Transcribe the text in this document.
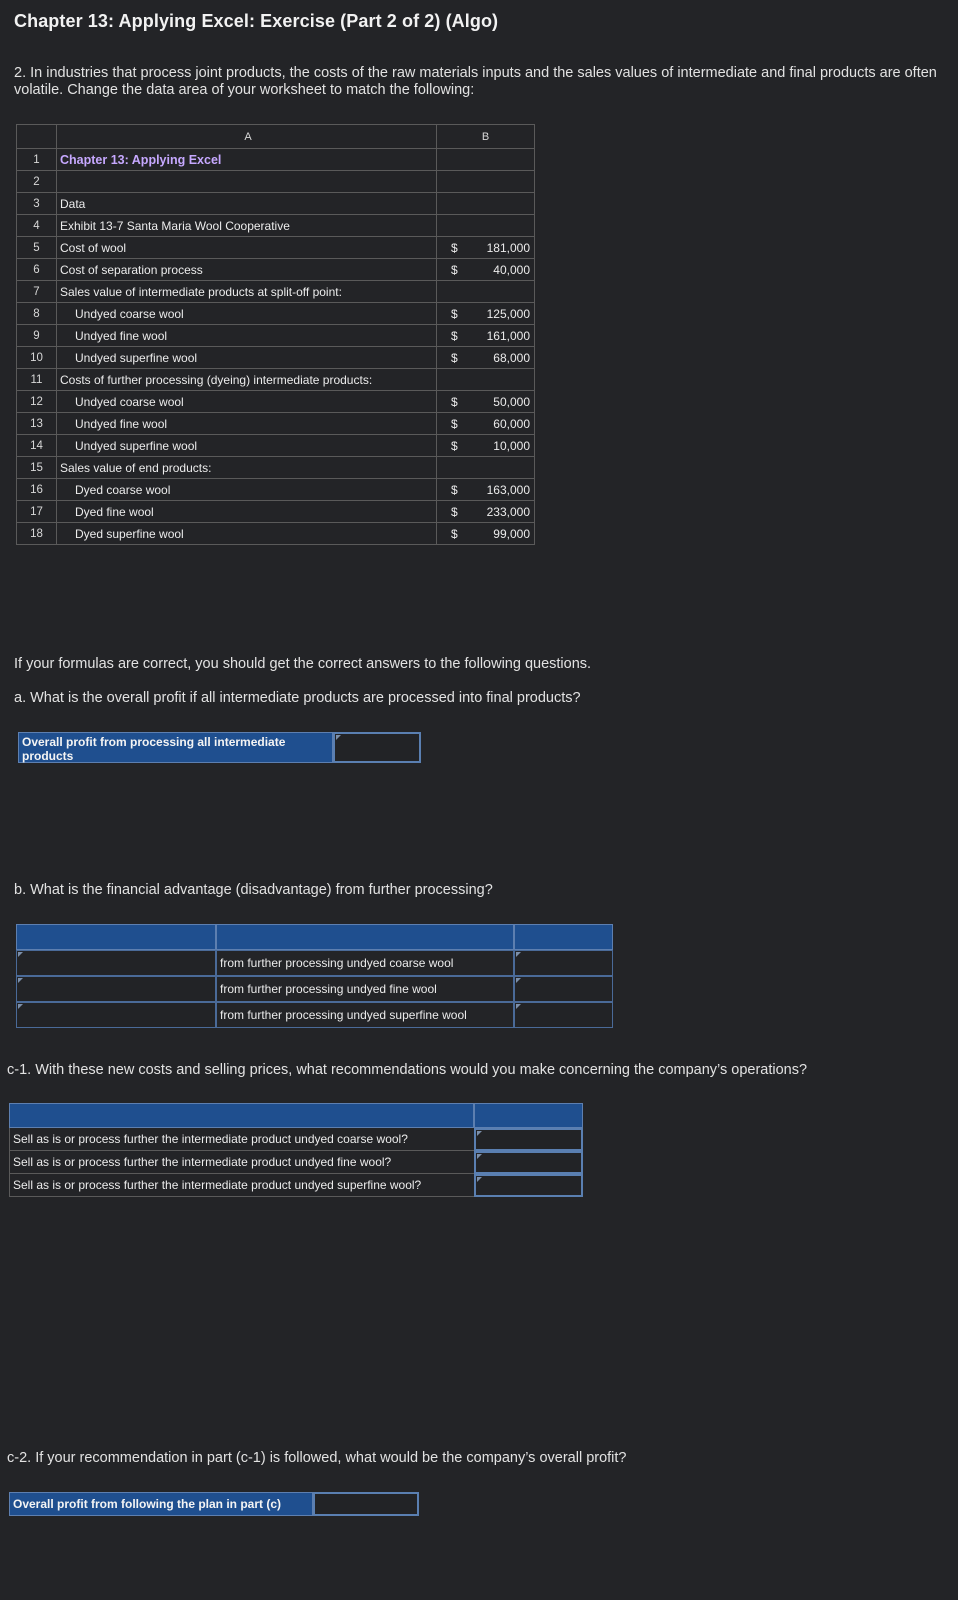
Chapter 13: Applying Excel: Exercise (Part 2 of 2) (Algo)
2. In industries that process joint products, the costs of the raw materials inputs and the sales values of intermediate and final products are often volatile. Change the data area of your worksheet to match the following:
	A	B
1	Chapter 13: Applying Excel	

2		

3	Data	

4	Exhibit 13-7 Santa Maria Wool Cooperative	

5	Cost of wool	$ 181,000

6	Cost of separation process	$ 40,000

7	Sales value of intermediate products at split-off point:	

8	Undyed coarse wool	$ 125,000

9	Undyed fine wool	$ 161,000

10	Undyed superfine wool	$ 68,000

11	Costs of further processing (dyeing) intermediate products:	

12	Undyed coarse wool	$ 50,000

13	Undyed fine wool	$ 60,000

14	Undyed superfine wool	$ 10,000

15	Sales value of end products:	

16	Dyed coarse wool	$ 163,000

17	Dyed fine wool	$ 233,000

18	Dyed superfine wool	$ 99,000
If your formulas are correct, you should get the correct answers to the following questions.
a. What is the overall profit if all intermediate products are processed into final products?
Overall profit from processing all intermediate products
b. What is the financial advantage (disadvantage) from further processing?
from further processing undyed coarse wool
from further processing undyed fine wool
from further processing undyed superfine wool
c-1. With these new costs and selling prices, what recommendations would you make concerning the company’s operations?
Sell as is or process further the intermediate product undyed coarse wool?
Sell as is or process further the intermediate product undyed fine wool?
Sell as is or process further the intermediate product undyed superfine wool?
c-2. If your recommendation in part (c-1) is followed, what would be the company’s overall profit?
Overall profit from following the plan in part (c)
